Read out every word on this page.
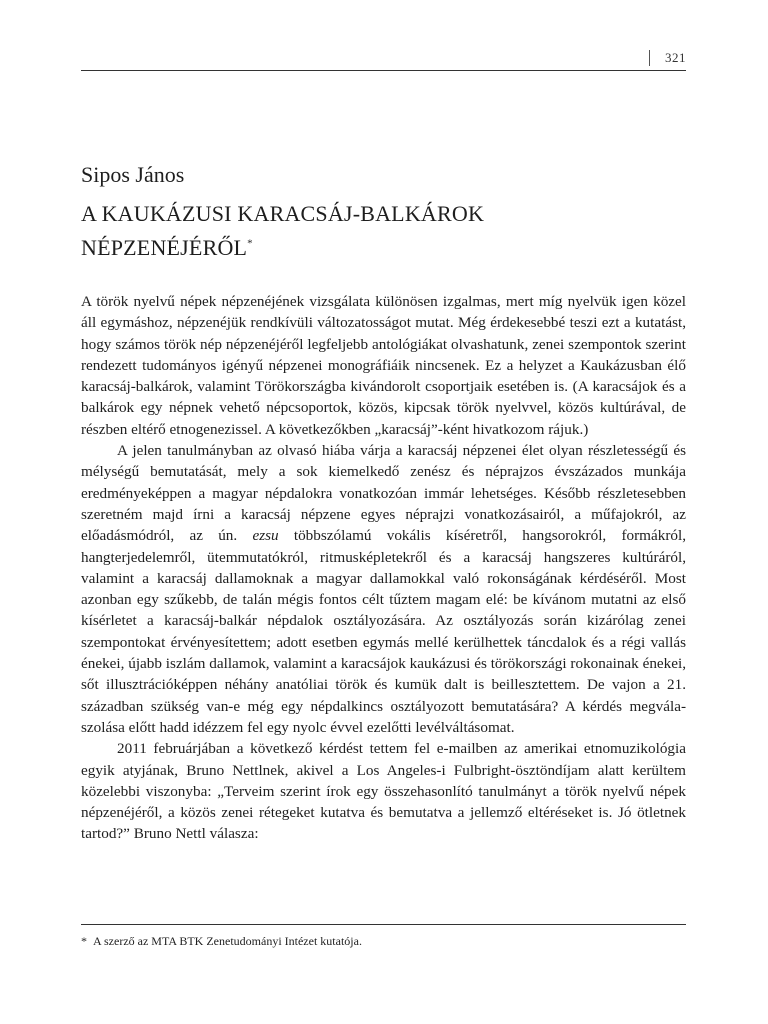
321
Sipos János
A KAUKÁZUSI KARACSÁJ-BALKÁROK
NÉPZENÉJÉRŐL*

A török nyelvű népek népzenéjének vizsgálata különösen izgalmas, mert míg nyelvük igen közel áll egymáshoz, népzenéjük rendkívüli változatosságot mutat. Még érdekesebbé teszi ezt a kutatást, hogy számos török nép népzenéjéről legfeljebb antológiákat olvashatunk, zenei szempontok szerint rendezett tudományos igényű népzenei monográfiáik nincsenek. Ez a helyzet a Kaukázusban élő karacsáj-balkárok, valamint Törökországba kivándorolt csoportjaik esetében is. (A karacsájok és a balkárok egy népnek vehető népcsoportok, közös, kipcsak török nyelvvel, közös kultúrával, de részben eltérő etnogenezissel. A következőkben „karacsáj”-ként hivatkozom rájuk.)

A jelen tanulmányban az olvasó hiába várja a karacsáj népzenei élet olyan részletességű és mélységű bemutatását, mely a sok kiemelkedő zenész és néprajzos évszázados munkája eredményeképpen a magyar népdalokra vonatkozóan immár lehetséges. Később részletesebben szeretném majd írni a karacsáj népzene egyes néprajzi vonatkozásairól, a műfajokról, az előadásmódról, az ún. ezsu többszólamú vokális kíséretről, hangsorokról, formákról, hangterjedelemről, ütemmutatókról, ritmusképletekről és a karacsáj hangszeres kultúráról, valamint a karacsáj dallamoknak a magyar dallamokkal való rokonságának kérdéséről. Most azonban egy szűkebb, de talán mégis fontos célt tűztem magam elé: be kívánom mutatni az első kísérletet a karacsáj-balkár népdalok osztályozására. Az osztályozás során kizárólag zenei szempontokat érvényesítettem; adott esetben egymás mellé kerülhettek táncdalok és a régi vallás énekei, újabb iszlám dallamok, valamint a karacsájok kaukázusi és törökországi rokonainak énekei, sőt illusztrációképpen néhány anatóliai török és kumük dalt is beillesztettem. De vajon a 21. században szükség van-e még egy népdalkincs osztályozott bemutatására? A kérdés megválaszolása előtt hadd idézzem fel egy nyolc évvel ezelőtti levélváltásomat.

2011 februárjában a következő kérdést tettem fel e-mailben az amerikai etnomuzikológia egyik atyjának, Bruno Nettlnek, akivel a Los Angeles-i Fulbright-ösztöndíjam alatt kerültem közelebbi viszonyba: „Terveim szerint írok egy összehasonlító tanulmányt a török nyelvű népek népzenéjéről, a közös zenei rétegeket kutatva és bemutatva a jellemző eltéréseket is. Jó ötletnek tartod?” Bruno Nettl válasza:

* A szerző az MTA BTK Zenetudományi Intézet kutatója.
